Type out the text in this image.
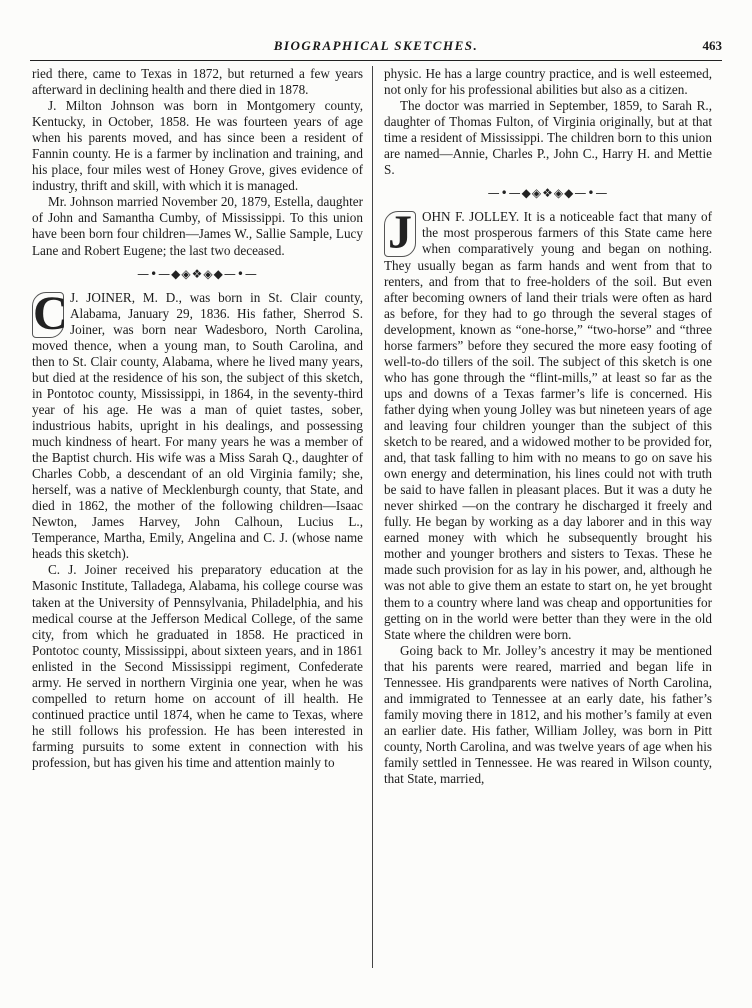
BIOGRAPHICAL SKETCHES.	463

ried there, came to Texas in 1872, but returned a few years afterward in declining health and there died in 1878.

J. Milton Johnson was born in Montgomery county, Kentucky, in October, 1858. He was fourteen years of age when his parents moved, and has since been a resident of Fannin county. He is a farmer by inclination and training, and his place, four miles west of Honey Grove, gives evidence of industry, thrift and skill, with which it is managed.

Mr. Johnson married November 20, 1879, Estella, daughter of John and Samantha Cumby, of Mississippi. To this union have been born four children—James W., Sallie Sample, Lucy Lane and Robert Eugene; the last two deceased.

—•—◆◈❖◈◆—•—

C J. JOINER, M. D., was born in St. Clair county, Alabama, January 29, 1836. His father, Sherrod S. Joiner, was born near Wadesboro, North Carolina, moved thence, when a young man, to South Carolina, and then to St. Clair county, Alabama, where he lived many years, but died at the residence of his son, the subject of this sketch, in Pontotoc county, Mississippi, in 1864, in the seventy-third year of his age. He was a man of quiet tastes, sober, industrious habits, upright in his dealings, and possessing much kindness of heart. For many years he was a member of the Baptist church. His wife was a Miss Sarah Q., daughter of Charles Cobb, a descendant of an old Virginia family; she, herself, was a native of Mecklenburgh county, that State, and died in 1862, the mother of the following children—Isaac Newton, James Harvey, John Calhoun, Lucius L., Temperance, Martha, Emily, Angelina and C. J. (whose name heads this sketch).

C. J. Joiner received his preparatory education at the Masonic Institute, Talladega, Alabama, his college course was taken at the University of Pennsylvania, Philadelphia, and his medical course at the Jefferson Medical College, of the same city, from which he graduated in 1858. He practiced in Pontotoc county, Mississippi, about sixteen years, and in 1861 enlisted in the Second Mississippi regiment, Confederate army. He served in northern Virginia one year, when he was compelled to return home on account of ill health. He continued practice until 1874, when he came to Texas, where he still follows his profession. He has been interested in farming pursuits to some extent in connection with his profession, but has given his time and attention mainly to

physic. He has a large country practice, and is well esteemed, not only for his professional abilities but also as a citizen.

The doctor was married in September, 1859, to Sarah R., daughter of Thomas Fulton, of Virginia originally, but at that time a resident of Mississippi. The children born to this union are named—Annie, Charles P., John C., Harry H. and Mettie S.

—•—◆◈❖◈◆—•—

J OHN F. JOLLEY. It is a noticeable fact that many of the most prosperous farmers of this State came here when comparatively young and began on nothing. They usually began as farm hands and went from that to renters, and from that to free-holders of the soil. But even after becoming owners of land their trials were often as hard as before, for they had to go through the several stages of development, known as “one-horse,” “two-horse” and “three horse farmers” before they secured the more easy footing of well-to-do tillers of the soil. The subject of this sketch is one who has gone through the “flint-mills,” at least so far as the ups and downs of a Texas farmer’s life is concerned. His father dying when young Jolley was but nineteen years of age and leaving four children younger than the subject of this sketch to be reared, and a widowed mother to be provided for, and, that task falling to him with no means to go on save his own energy and determination, his lines could not with truth be said to have fallen in pleasant places. But it was a duty he never shirked —on the contrary he discharged it freely and fully. He began by working as a day laborer and in this way earned money with which he subsequently brought his mother and younger brothers and sisters to Texas. These he made such provision for as lay in his power, and, although he was not able to give them an estate to start on, he yet brought them to a country where land was cheap and opportunities for getting on in the world were better than they were in the old State where the children were born.

Going back to Mr. Jolley’s ancestry it may be mentioned that his parents were reared, married and began life in Tennessee. His grandparents were natives of North Carolina, and immigrated to Tennessee at an early date, his father’s family moving there in 1812, and his mother’s family at even an earlier date. His father, William Jolley, was born in Pitt county, North Carolina, and was twelve years of age when his family settled in Tennessee. He was reared in Wilson county, that State, married,
